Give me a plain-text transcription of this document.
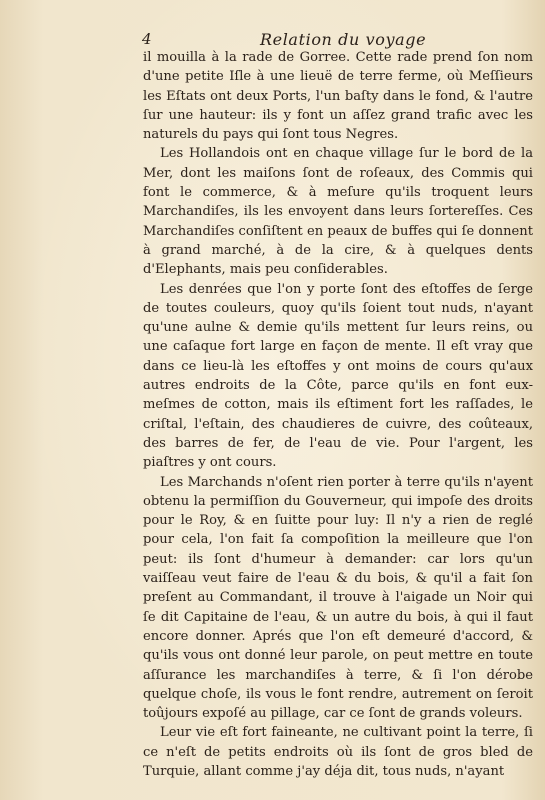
4	Relation du voyage

il mouilla à la rade de Gorree. Cette rade prend ſon nom d'une petite Iſle à une lieuë de terre ferme, où Meſſieurs les Eſtats ont deux Ports, l'un baſty dans le fond, & l'autre ſur une hauteur: ils y font un aſſez grand trafic avec les naturels du pays qui ſont tous Negres.

Les Hollandois ont en chaque village ſur le bord de la Mer, dont les maiſons ſont de roſeaux, des Commis qui font le commerce, & à meſure qu'ils troquent leurs Marchandiſes, ils les envoyent dans leurs ſortereſſes. Ces Marchandiſes conſiſtent en peaux de buffes qui ſe donnent à grand marché, à de la cire, & à quelques dents d'Elephants, mais peu conſiderables.

Les denrées que l'on y porte ſont des eſtoffes de ſerge de toutes couleurs, quoy qu'ils ſoient tout nuds, n'ayant qu'une aulne & demie qu'ils mettent ſur leurs reins, ou une caſaque fort large en façon de mente. Il eſt vray que dans ce lieu-là les eſtoffes y ont moins de cours qu'aux autres endroits de la Côte, parce qu'ils en font eux-meſmes de cotton, mais ils eſtiment fort les raſſades, le criſtal, l'eſtain, des chaudieres de cuivre, des coûteaux, des barres de fer, de l'eau de vie. Pour l'argent, les piaſtres y ont cours.

Les Marchands n'oſent rien porter à terre qu'ils n'ayent obtenu la permiſſion du Gouverneur, qui impoſe des droits pour le Roy, & en ſuitte pour luy: Il n'y a rien de reglé pour cela, l'on fait ſa compoſition la meilleure que l'on peut: ils ſont d'humeur à demander: car lors qu'un vaiſſeau veut faire de l'eau & du bois, & qu'il a fait ſon preſent au Commandant, il trouve à l'aigade un Noir qui ſe dit Capitaine de l'eau, & un autre du bois, à qui il faut encore donner. Aprés que l'on eſt demeuré d'accord, & qu'ils vous ont donné leur parole, on peut mettre en toute aſſurance les marchandiſes à terre, & ſi l'on dérobe quelque choſe, ils vous le font rendre, autrement on ſeroit toûjours expoſé au pillage, car ce ſont de grands voleurs.

Leur vie eſt fort faineante, ne cultivant point la terre, ſi ce n'eſt de petits endroits où ils ſont de gros bled de Turquie, allant comme j'ay déja dit, tous nuds, n'ayant
